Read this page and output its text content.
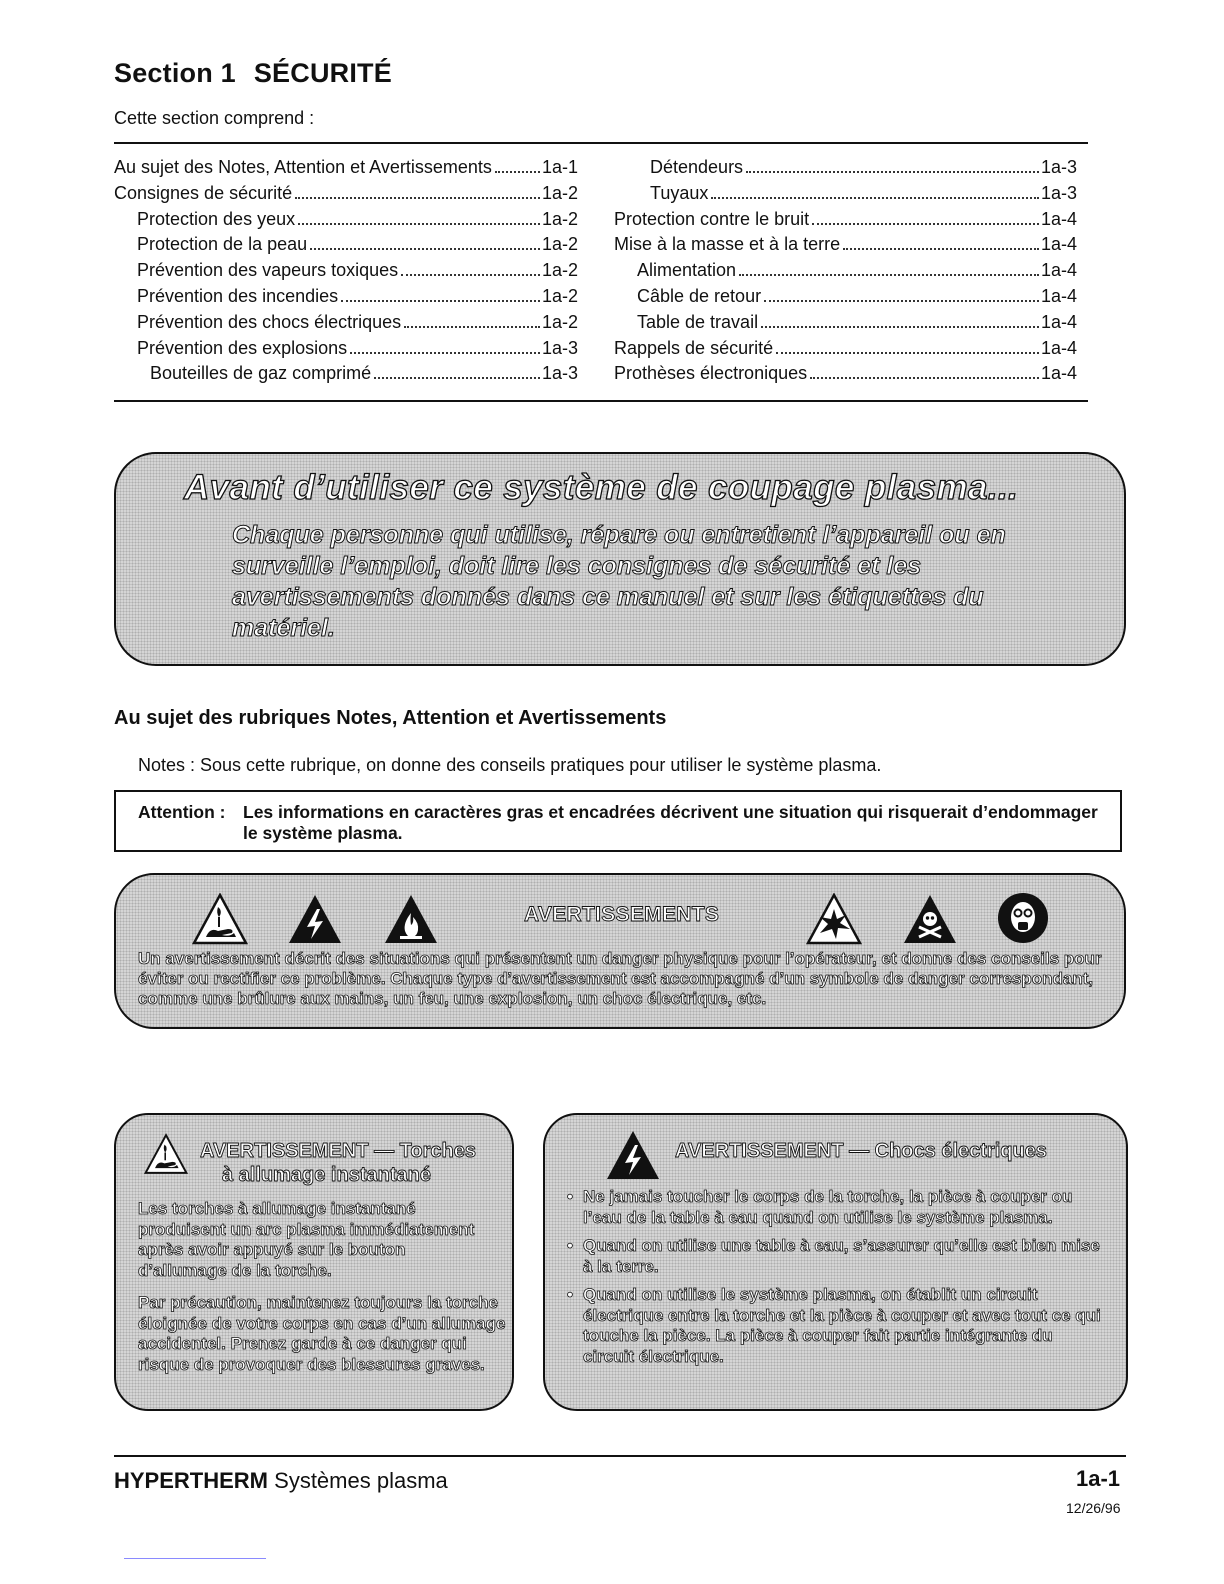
Section 1 SÉCURITÉ
Cette section comprend :
Au sujet des Notes, Attention et Avertissements	1a-1
Consignes de sécurité	1a-2
Protection des yeux	1a-2
Protection de la peau	1a-2
Prévention des vapeurs toxiques	1a-2
Prévention des incendies	1a-2
Prévention des chocs électriques	1a-2
Prévention des explosions	1a-3
Bouteilles de gaz comprimé	1a-3
Détendeurs	1a-3
Tuyaux	1a-3
Protection contre le bruit	1a-4
Mise à la masse et à la terre	1a-4
Alimentation	1a-4
Câble de retour	1a-4
Table de travail	1a-4
Rappels de sécurité	1a-4
Prothèses électroniques	1a-4
Avant d’utiliser ce système de coupage plasma...
Chaque personne qui utilise, répare ou entretient l’appareil ou en surveille l’emploi, doit lire les consignes de sécurité et les avertissements donnés dans ce manuel et sur les étiquettes du matériel.
Au sujet des rubriques Notes, Attention et Avertissements
Notes : Sous cette rubrique, on donne des conseils pratiques pour utiliser le système plasma.
Attention : Les informations en caractères gras et encadrées décrivent une situation qui risquerait d’endommager le système plasma.
AVERTISSEMENTS
Un avertissement décrit des situations qui présentent un danger physique pour l’opérateur, et donne des conseils pour éviter ou rectifier ce problème. Chaque type d’avertissement est accompagné d’un symbole de danger correspondant, comme une brûlure aux mains, un feu, une explosion, un choc électrique, etc.
AVERTISSEMENT — Torches
à allumage instantané
Les torches à allumage instantané produisent un arc plasma immédiatement après avoir appuyé sur le bouton d’allumage de la torche.
Par précaution, maintenez toujours la torche éloignée de votre corps en cas d’un allumage accidentel. Prenez garde à ce danger qui risque de provoquer des blessures graves.
AVERTISSEMENT — Chocs électriques
• Ne jamais toucher le corps de la torche, la pièce à couper ou l’eau de la table à eau quand on utilise le système plasma.
• Quand on utilise une table à eau, s’assurer qu’elle est bien mise à la terre.
• Quand on utilise le système plasma, on établit un circuit électrique entre la torche et la pièce à couper et avec tout ce qui touche la pièce. La pièce à couper fait partie intégrante du circuit électrique.
HYPERTHERM Systèmes plasma	1a-1
12/26/96
